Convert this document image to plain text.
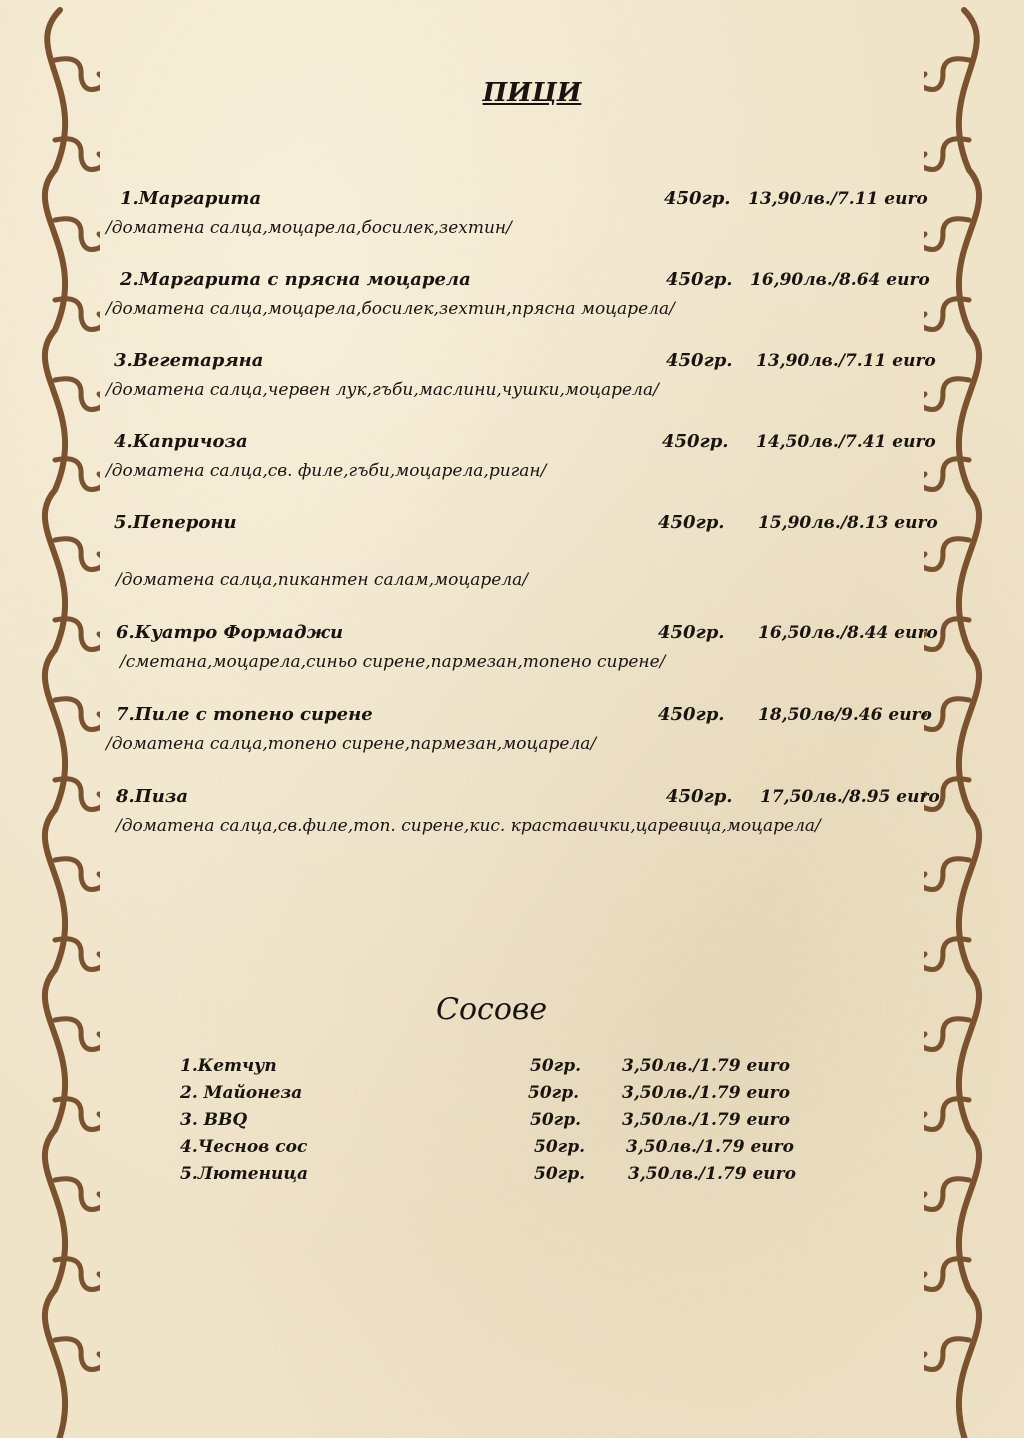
ПИЦИ
1.Маргарита	450гр. 13,90лв./7.11 euro
/доматена салца,моцарела,босилек,зехтин/
2.Маргарита с прясна моцарела	450гр. 16,90лв./8.64 euro
/доматена салца,моцарела,босилек,зехтин,прясна моцарела/
3.Вегетаряна	450гр. 13,90лв./7.11 euro
/доматена салца,червен лук,гъби,маслини,чушки,моцарела/
4.Капричоза	450гр. 14,50лв./7.41 euro
/доматена салца,св. филе,гъби,моцарела,риган/
5.Пеперони	450гр. 15,90лв./8.13 euro
/доматена салца,пикантен салам,моцарела/
6.Куатро Формаджи	450гр. 16,50лв./8.44 euro
/сметана,моцарела,синьо сирене,пармезан,топено сирене/
7.Пиле с топено сирене	450гр. 18,50лв/9.46 euro
/доматена салца,топено сирене,пармезан,моцарела/
8.Пиза	450гр. 17,50лв./8.95 euro
/доматена салца,св.филе,топ. сирене,кис. краставички,царевица,моцарела/
Сосове
1.Кетчуп	50гр. 3,50лв./1.79 euro
2. Майонеза	50гр.	3,50лв./1.79 euro
3. BBQ	50гр. 3,50лв./1.79 euro
4.Чеснов сос	50гр. 3,50лв./1.79 euro
5.Лютеница	50гр.	3,50лв./1.79 euro
